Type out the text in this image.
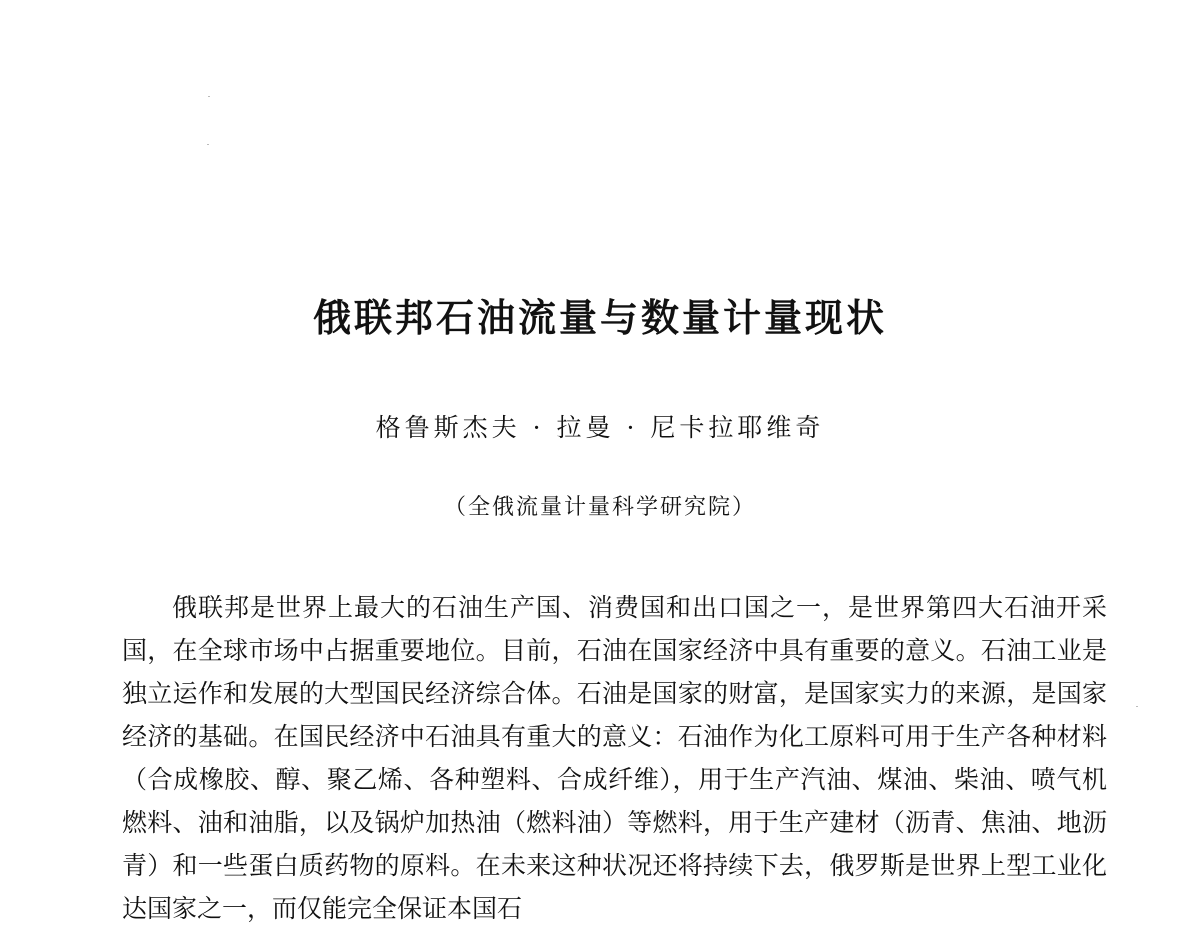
俄联邦石油流量与数量计量现状
格鲁斯杰夫 · 拉曼 · 尼卡拉耶维奇
（全俄流量计量科学研究院）

俄联邦是世界上最大的石油生产国、消费国和出口国之一，是世界第四大石油开采国，在全球市场中占据重要地位。目前，石油在国家经济中具有重要的意义。石油工业是独立运作和发展的大型国民经济综合体。石油是国家的财富，是国家实力的来源，是国家经济的基础。在国民经济中石油具有重大的意义：石油作为化工原料可用于生产各种材料（合成橡胶、醇、聚乙烯、各种塑料、合成纤维），用于生产汽油、煤油、柴油、喷气机燃料、油和油脂，以及锅炉加热油（燃料油）等燃料，用于生产建材（沥青、焦油、地沥青）和一些蛋白质药物的原料。在未来这种状况还将持续下去，俄罗斯是世界上型工业化达国家之一，而仅能完全保证本国石
